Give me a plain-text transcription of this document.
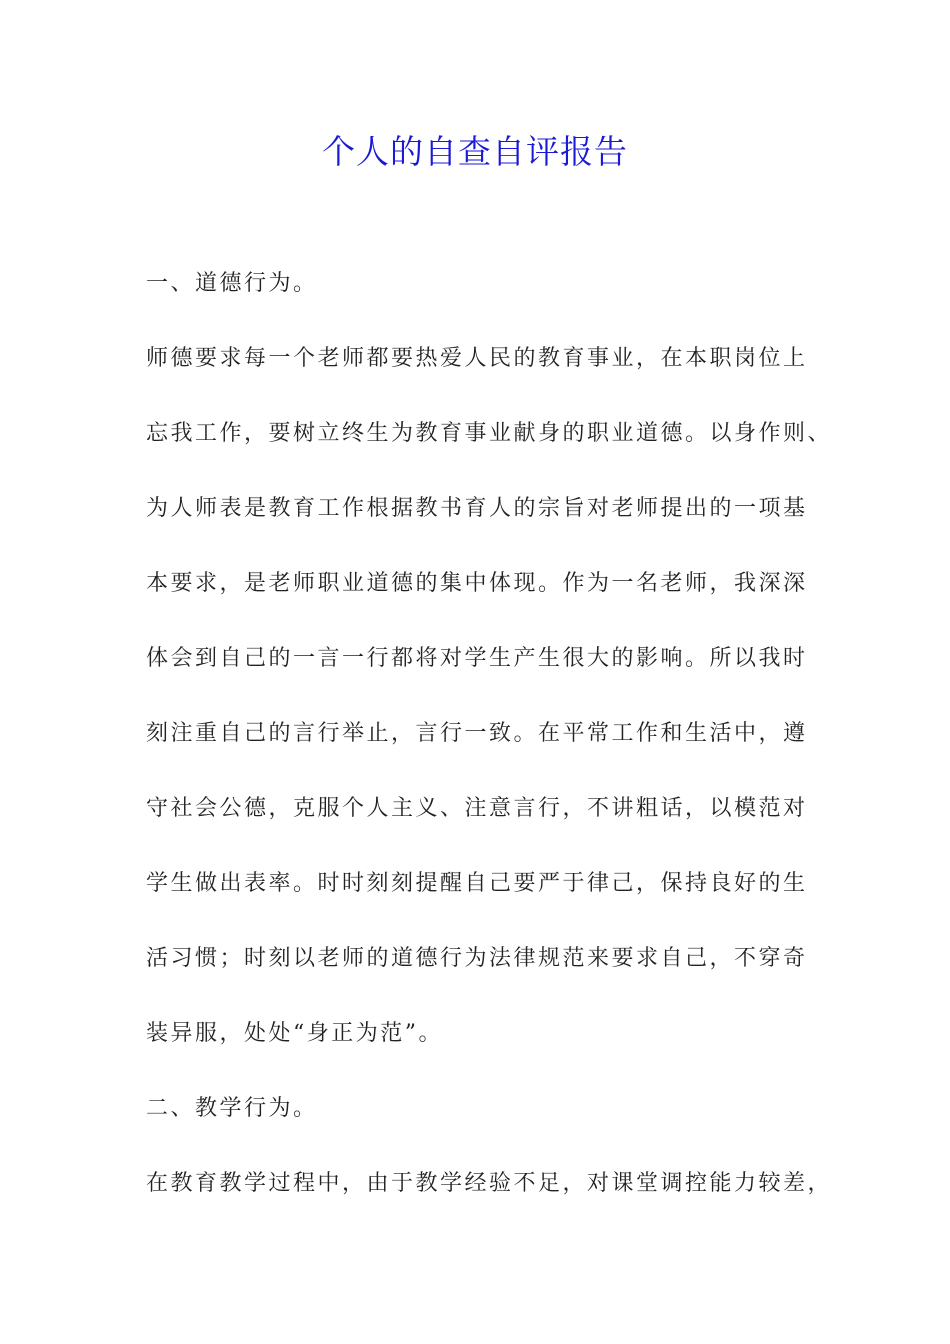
个人的自查自评报告

一、道德行为。

师德要求每一个老师都要热爱人民的教育事业，在本职岗位上

忘我工作，要树立终生为教育事业献身的职业道德。以身作则、

为人师表是教育工作根据教书育人的宗旨对老师提出的一项基

本要求，是老师职业道德的集中体现。作为一名老师，我深深

体会到自己的一言一行都将对学生产生很大的影响。所以我时

刻注重自己的言行举止，言行一致。在平常工作和生活中，遵

守社会公德，克服个人主义、注意言行，不讲粗话，以模范对

学生做出表率。时时刻刻提醒自己要严于律己，保持良好的生

活习惯；时刻以老师的道德行为法律规范来要求自己，不穿奇

装异服，处处“身正为范”。

二、教学行为。

在教育教学过程中，由于教学经验不足，对课堂调控能力较差，
